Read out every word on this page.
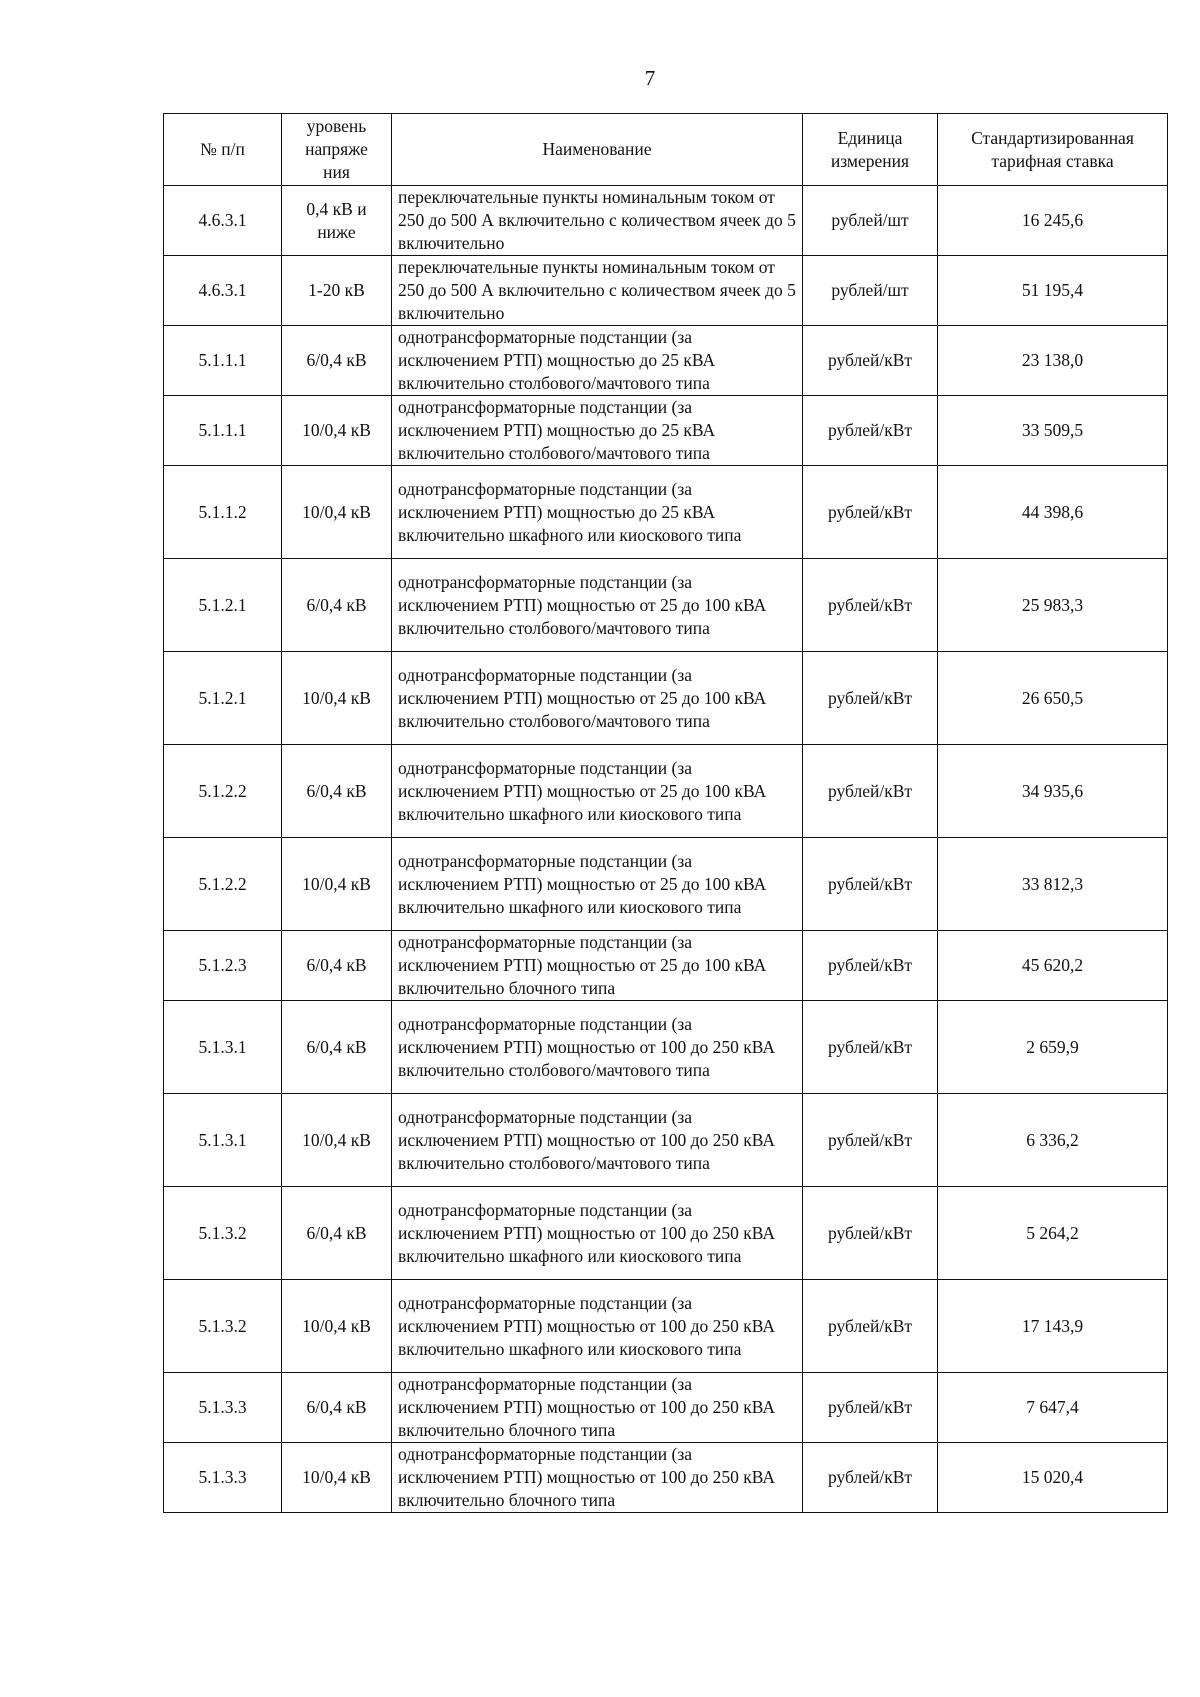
7
№ п/п	уровень напряже ния	Наименование	Единица измерения	Стандартизированная тарифная ставка
4.6.3.1	0,4 кВ и ниже	переключательные пункты номинальным током от 250 до 500 А включительно с количеством ячеек до 5 включительно	рублей/шт	16 245,6
4.6.3.1	1-20 кВ	переключательные пункты номинальным током от 250 до 500 А включительно с количеством ячеек до 5 включительно	рублей/шт	51 195,4
5.1.1.1	6/0,4 кВ	однотрансформаторные подстанции (за исключением РТП) мощностью до 25 кВА включительно столбового/мачтового типа	рублей/кВт	23 138,0
5.1.1.1	10/0,4 кВ	однотрансформаторные подстанции (за исключением РТП) мощностью до 25 кВА включительно столбового/мачтового типа	рублей/кВт	33 509,5
5.1.1.2	10/0,4 кВ	однотрансформаторные подстанции (за исключением РТП) мощностью до 25 кВА включительно шкафного или киоскового типа	рублей/кВт	44 398,6
5.1.2.1	6/0,4 кВ	однотрансформаторные подстанции (за исключением РТП) мощностью от 25 до 100 кВА включительно столбового/мачтового типа	рублей/кВт	25 983,3
5.1.2.1	10/0,4 кВ	однотрансформаторные подстанции (за исключением РТП) мощностью от 25 до 100 кВА включительно столбового/мачтового типа	рублей/кВт	26 650,5
5.1.2.2	6/0,4 кВ	однотрансформаторные подстанции (за исключением РТП) мощностью от 25 до 100 кВА включительно шкафного или киоскового типа	рублей/кВт	34 935,6
5.1.2.2	10/0,4 кВ	однотрансформаторные подстанции (за исключением РТП) мощностью от 25 до 100 кВА включительно шкафного или киоскового типа	рублей/кВт	33 812,3
5.1.2.3	6/0,4 кВ	однотрансформаторные подстанции (за исключением РТП) мощностью от 25 до 100 кВА включительно блочного типа	рублей/кВт	45 620,2
5.1.3.1	6/0,4 кВ	однотрансформаторные подстанции (за исключением РТП) мощностью от 100 до 250 кВА включительно столбового/мачтового типа	рублей/кВт	2 659,9
5.1.3.1	10/0,4 кВ	однотрансформаторные подстанции (за исключением РТП) мощностью от 100 до 250 кВА включительно столбового/мачтового типа	рублей/кВт	6 336,2
5.1.3.2	6/0,4 кВ	однотрансформаторные подстанции (за исключением РТП) мощностью от 100 до 250 кВА включительно шкафного или киоскового типа	рублей/кВт	5 264,2
5.1.3.2	10/0,4 кВ	однотрансформаторные подстанции (за исключением РТП) мощностью от 100 до 250 кВА включительно шкафного или киоскового типа	рублей/кВт	17 143,9
5.1.3.3	6/0,4 кВ	однотрансформаторные подстанции (за исключением РТП) мощностью от 100 до 250 кВА включительно блочного типа	рублей/кВт	7 647,4
5.1.3.3	10/0,4 кВ	однотрансформаторные подстанции (за исключением РТП) мощностью от 100 до 250 кВА включительно блочного типа	рублей/кВт	15 020,4
